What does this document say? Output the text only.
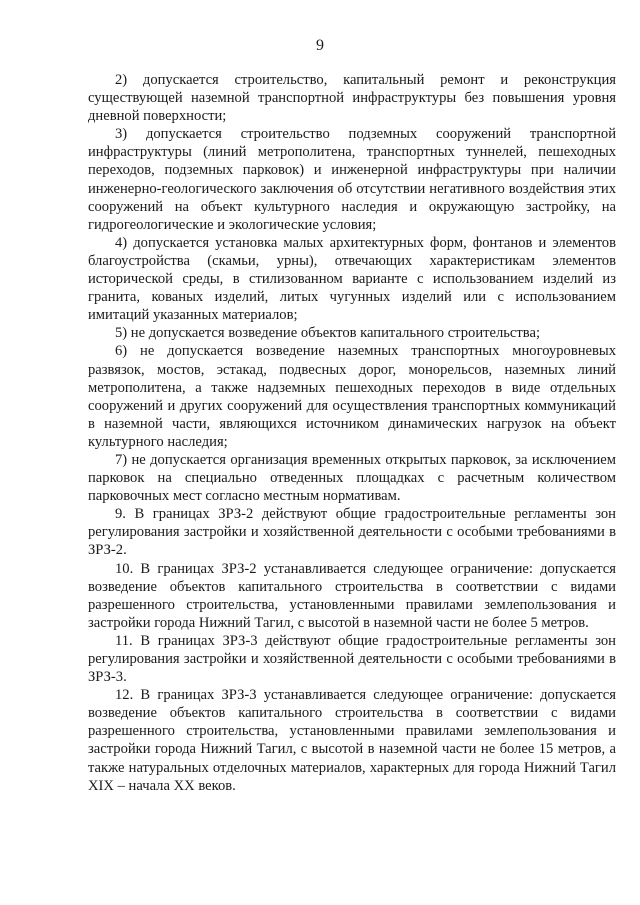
9

2) допускается строительство, капитальный ремонт и реконструкция существующей наземной транспортной инфраструктуры без повышения уровня дневной поверхности;

3) допускается строительство подземных сооружений транспортной инфраструктуры (линий метрополитена, транспортных туннелей, пешеходных переходов, подземных парковок) и инженерной инфраструктуры при наличии инженерно-геологического заключения об отсутствии негативного воздействия этих сооружений на объект культурного наследия и окружающую застройку, на гидрогеологические и экологические условия;

4) допускается установка малых архитектурных форм, фонтанов и элементов благоустройства (скамьи, урны), отвечающих характеристикам элементов исторической среды, в стилизованном варианте с использованием изделий из гранита, кованых изделий, литых чугунных изделий или с использованием имитаций указанных материалов;

5) не допускается возведение объектов капитального строительства;

6) не допускается возведение наземных транспортных многоуровневых развязок, мостов, эстакад, подвесных дорог, монорельсов, наземных линий метрополитена, а также надземных пешеходных переходов в виде отдельных сооружений и других сооружений для осуществления транспортных коммуникаций в наземной части, являющихся источником динамических нагрузок на объект культурного наследия;

7) не допускается организация временных открытых парковок, за исключением парковок на специально отведенных площадках с расчетным количеством парковочных мест согласно местным нормативам.

9. В границах ЗРЗ-2 действуют общие градостроительные регламенты зон регулирования застройки и хозяйственной деятельности с особыми требованиями в ЗРЗ-2.

10. В границах ЗРЗ-2 устанавливается следующее ограничение: допускается возведение объектов капитального строительства в соответствии с видами разрешенного строительства, установленными правилами землепользования и застройки города Нижний Тагил, с высотой в наземной части не более 5 метров.

11. В границах ЗРЗ-3 действуют общие градостроительные регламенты зон регулирования застройки и хозяйственной деятельности с особыми требованиями в ЗРЗ-3.

12. В границах ЗРЗ-3 устанавливается следующее ограничение: допускается возведение объектов капитального строительства в соответствии с видами разрешенного строительства, установленными правилами землепользования и застройки города Нижний Тагил, с высотой в наземной части не более 15 метров, а также натуральных отделочных материалов, характерных для города Нижний Тагил XIX – начала XX веков.
